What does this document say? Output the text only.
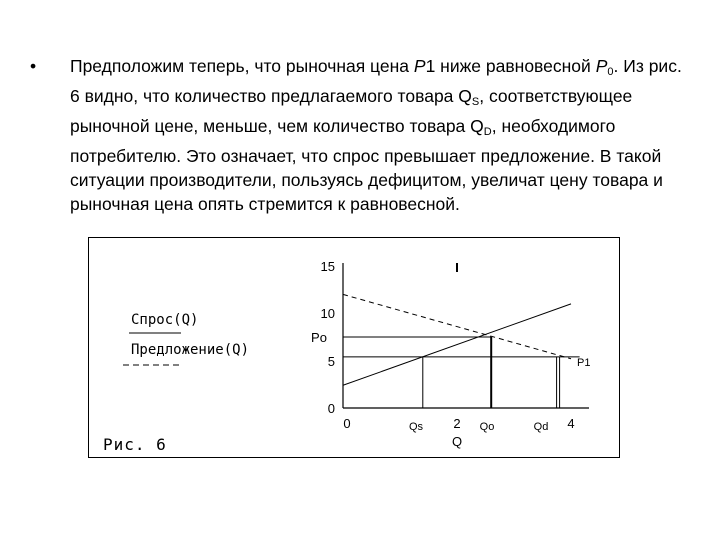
• Предположим теперь, что рыночная цена P1 ниже равновесной $P_0$. Из рис. 6 видно, что количество предлагаемого товара $Q_S$, соответствующее рыночной цене, меньше, чем количество товара $Q_D$, необходимого потребителю. Это означает, что спрос превышает предложение. В такой ситуации производители, пользуясь дефицитом, увеличат цену товара и рыночная цена опять стремится к равновесной.
Спрос(Q)
Предложение(Q)
15
10
5
0
Po
0	2	4
Qs	Qo	Qd
Q
P1
Рис. 6
